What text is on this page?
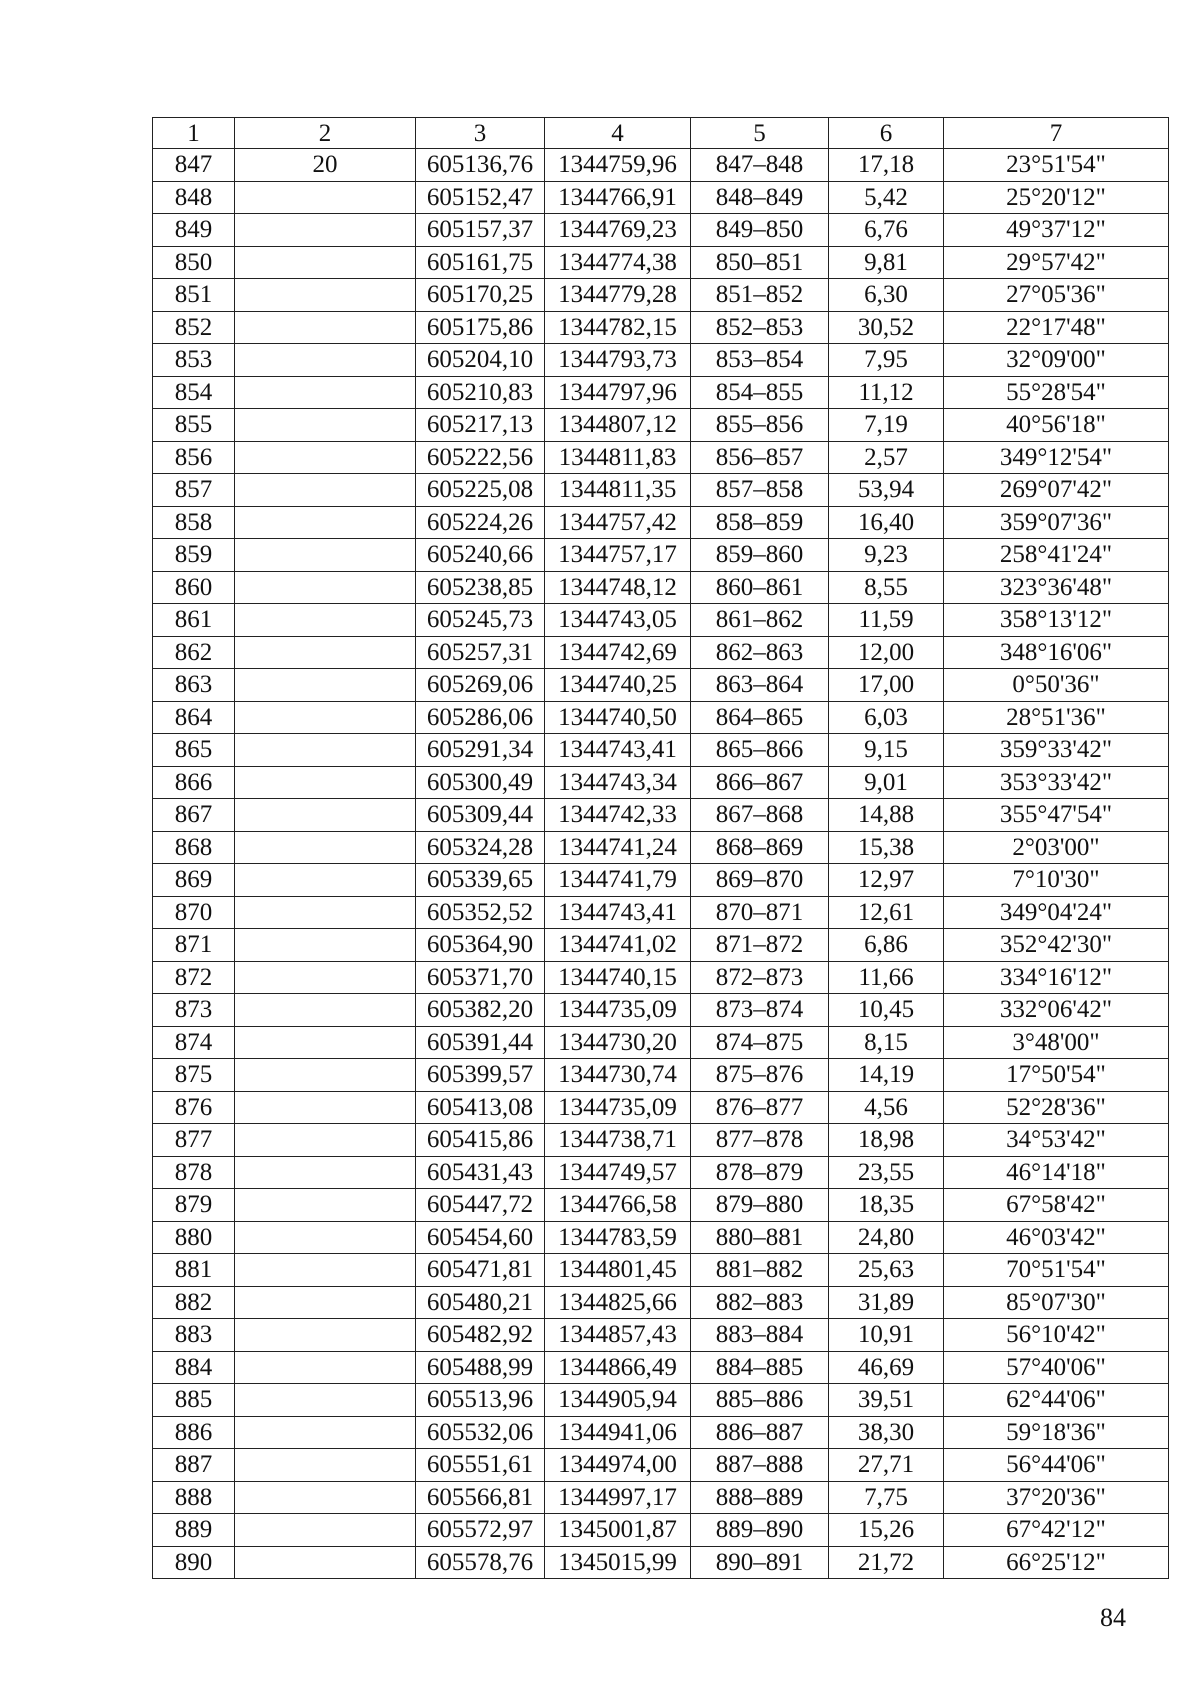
1	2	3	4	5	6	7
847	20	605136,76	1344759,96	847–848	17,18	23°51'54"
848		605152,47	1344766,91	848–849	5,42	25°20'12"
849		605157,37	1344769,23	849–850	6,76	49°37'12"
850		605161,75	1344774,38	850–851	9,81	29°57'42"
851		605170,25	1344779,28	851–852	6,30	27°05'36"
852		605175,86	1344782,15	852–853	30,52	22°17'48"
853		605204,10	1344793,73	853–854	7,95	32°09'00"
854		605210,83	1344797,96	854–855	11,12	55°28'54"
855		605217,13	1344807,12	855–856	7,19	40°56'18"
856		605222,56	1344811,83	856–857	2,57	349°12'54"
857		605225,08	1344811,35	857–858	53,94	269°07'42"
858		605224,26	1344757,42	858–859	16,40	359°07'36"
859		605240,66	1344757,17	859–860	9,23	258°41'24"
860		605238,85	1344748,12	860–861	8,55	323°36'48"
861		605245,73	1344743,05	861–862	11,59	358°13'12"
862		605257,31	1344742,69	862–863	12,00	348°16'06"
863		605269,06	1344740,25	863–864	17,00	0°50'36"
864		605286,06	1344740,50	864–865	6,03	28°51'36"
865		605291,34	1344743,41	865–866	9,15	359°33'42"
866		605300,49	1344743,34	866–867	9,01	353°33'42"
867		605309,44	1344742,33	867–868	14,88	355°47'54"
868		605324,28	1344741,24	868–869	15,38	2°03'00"
869		605339,65	1344741,79	869–870	12,97	7°10'30"
870		605352,52	1344743,41	870–871	12,61	349°04'24"
871		605364,90	1344741,02	871–872	6,86	352°42'30"
872		605371,70	1344740,15	872–873	11,66	334°16'12"
873		605382,20	1344735,09	873–874	10,45	332°06'42"
874		605391,44	1344730,20	874–875	8,15	3°48'00"
875		605399,57	1344730,74	875–876	14,19	17°50'54"
876		605413,08	1344735,09	876–877	4,56	52°28'36"
877		605415,86	1344738,71	877–878	18,98	34°53'42"
878		605431,43	1344749,57	878–879	23,55	46°14'18"
879		605447,72	1344766,58	879–880	18,35	67°58'42"
880		605454,60	1344783,59	880–881	24,80	46°03'42"
881		605471,81	1344801,45	881–882	25,63	70°51'54"
882		605480,21	1344825,66	882–883	31,89	85°07'30"
883		605482,92	1344857,43	883–884	10,91	56°10'42"
884		605488,99	1344866,49	884–885	46,69	57°40'06"
885		605513,96	1344905,94	885–886	39,51	62°44'06"
886		605532,06	1344941,06	886–887	38,30	59°18'36"
887		605551,61	1344974,00	887–888	27,71	56°44'06"
888		605566,81	1344997,17	888–889	7,75	37°20'36"
889		605572,97	1345001,87	889–890	15,26	67°42'12"
890		605578,76	1345015,99	890–891	21,72	66°25'12"
84
